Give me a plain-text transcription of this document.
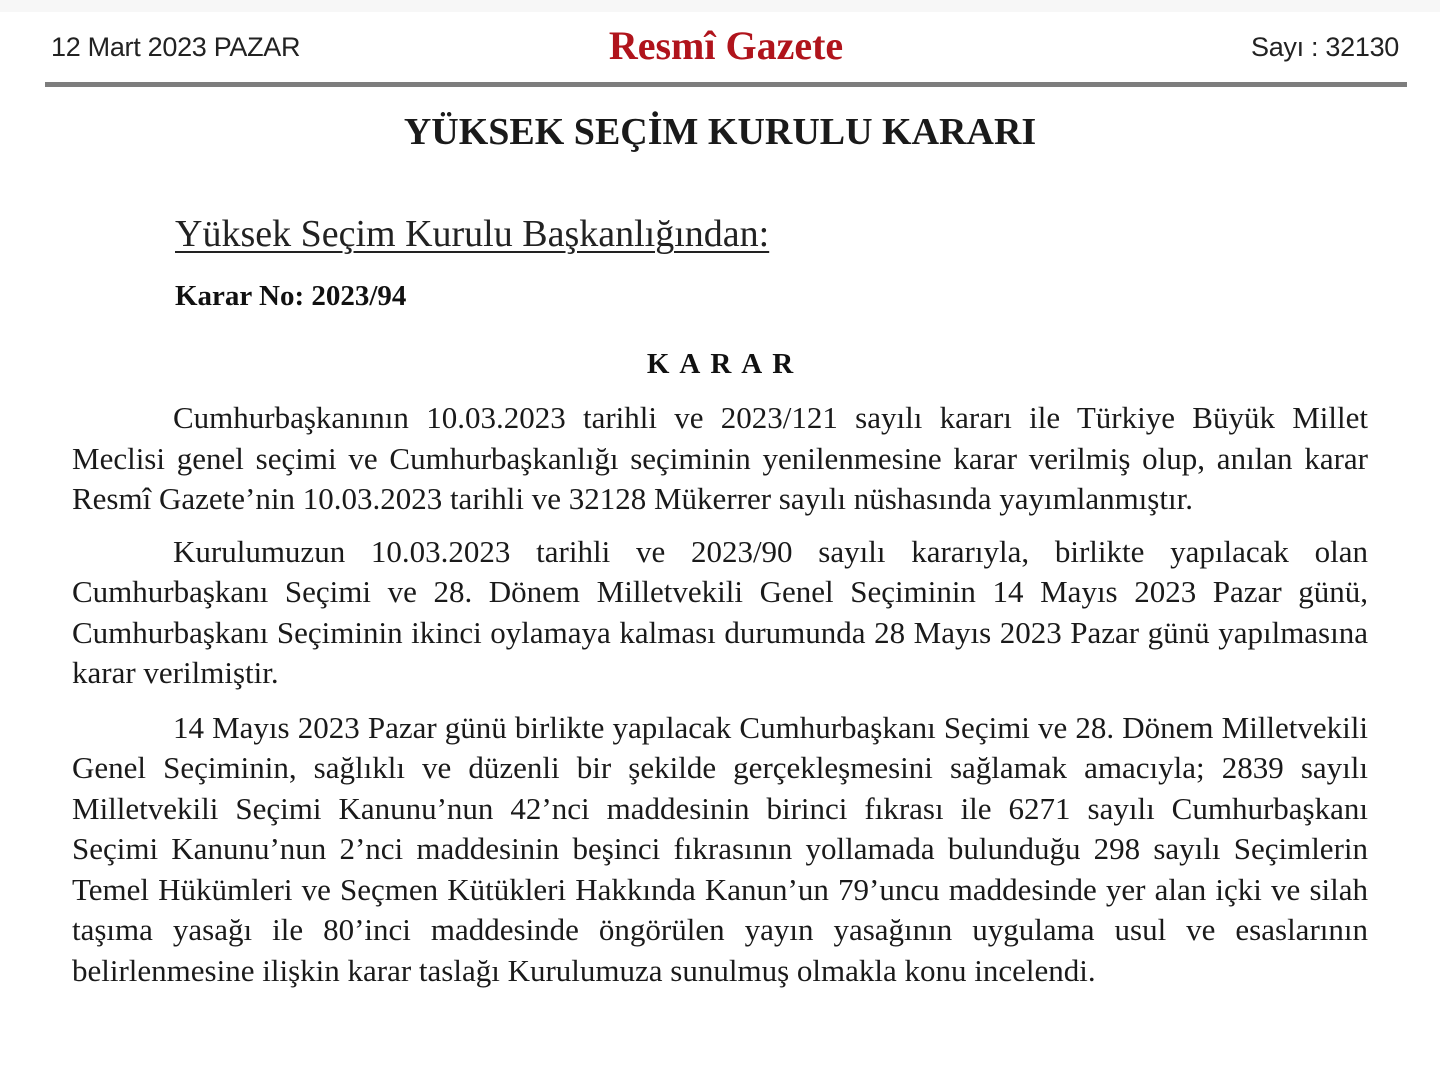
12 Mart 2023 PAZAR	Resmî Gazete	Sayı : 32130
YÜKSEK SEÇİM KURULU KARARI
Yüksek Seçim Kurulu Başkanlığından:
Karar No: 2023/94
KARAR

Cumhurbaşkanının 10.03.2023 tarihli ve 2023/121 sayılı kararı ile Türkiye Büyük Millet Meclisi genel seçimi ve Cumhurbaşkanlığı seçiminin yenilenmesine karar verilmiş olup, anılan karar Resmî Gazete’nin 10.03.2023 tarihli ve 32128 Mükerrer sayılı nüshasında yayımlanmıştır.

Kurulumuzun 10.03.2023 tarihli ve 2023/90 sayılı kararıyla, birlikte yapılacak olan Cumhurbaşkanı Seçimi ve 28. Dönem Milletvekili Genel Seçiminin 14 Mayıs 2023 Pazar günü, Cumhurbaşkanı Seçiminin ikinci oylamaya kalması durumunda 28 Mayıs 2023 Pazar günü yapılmasına karar verilmiştir.

14 Mayıs 2023 Pazar günü birlikte yapılacak Cumhurbaşkanı Seçimi ve 28. Dönem Milletvekili Genel Seçiminin, sağlıklı ve düzenli bir şekilde gerçekleşmesini sağlamak amacıyla; 2839 sayılı Milletvekili Seçimi Kanunu’nun 42’nci maddesinin birinci fıkrası ile 6271 sayılı Cumhurbaşkanı Seçimi Kanunu’nun 2’nci maddesinin beşinci fıkrasının yollamada bulunduğu 298 sayılı Seçimlerin Temel Hükümleri ve Seçmen Kütükleri Hakkında Kanun’un 79’uncu maddesinde yer alan içki ve silah taşıma yasağı ile 80’inci maddesinde öngörülen yayın yasağının uygulama usul ve esaslarının belirlenmesine ilişkin karar taslağı Kurulumuza sunulmuş olmakla konu incelendi.
